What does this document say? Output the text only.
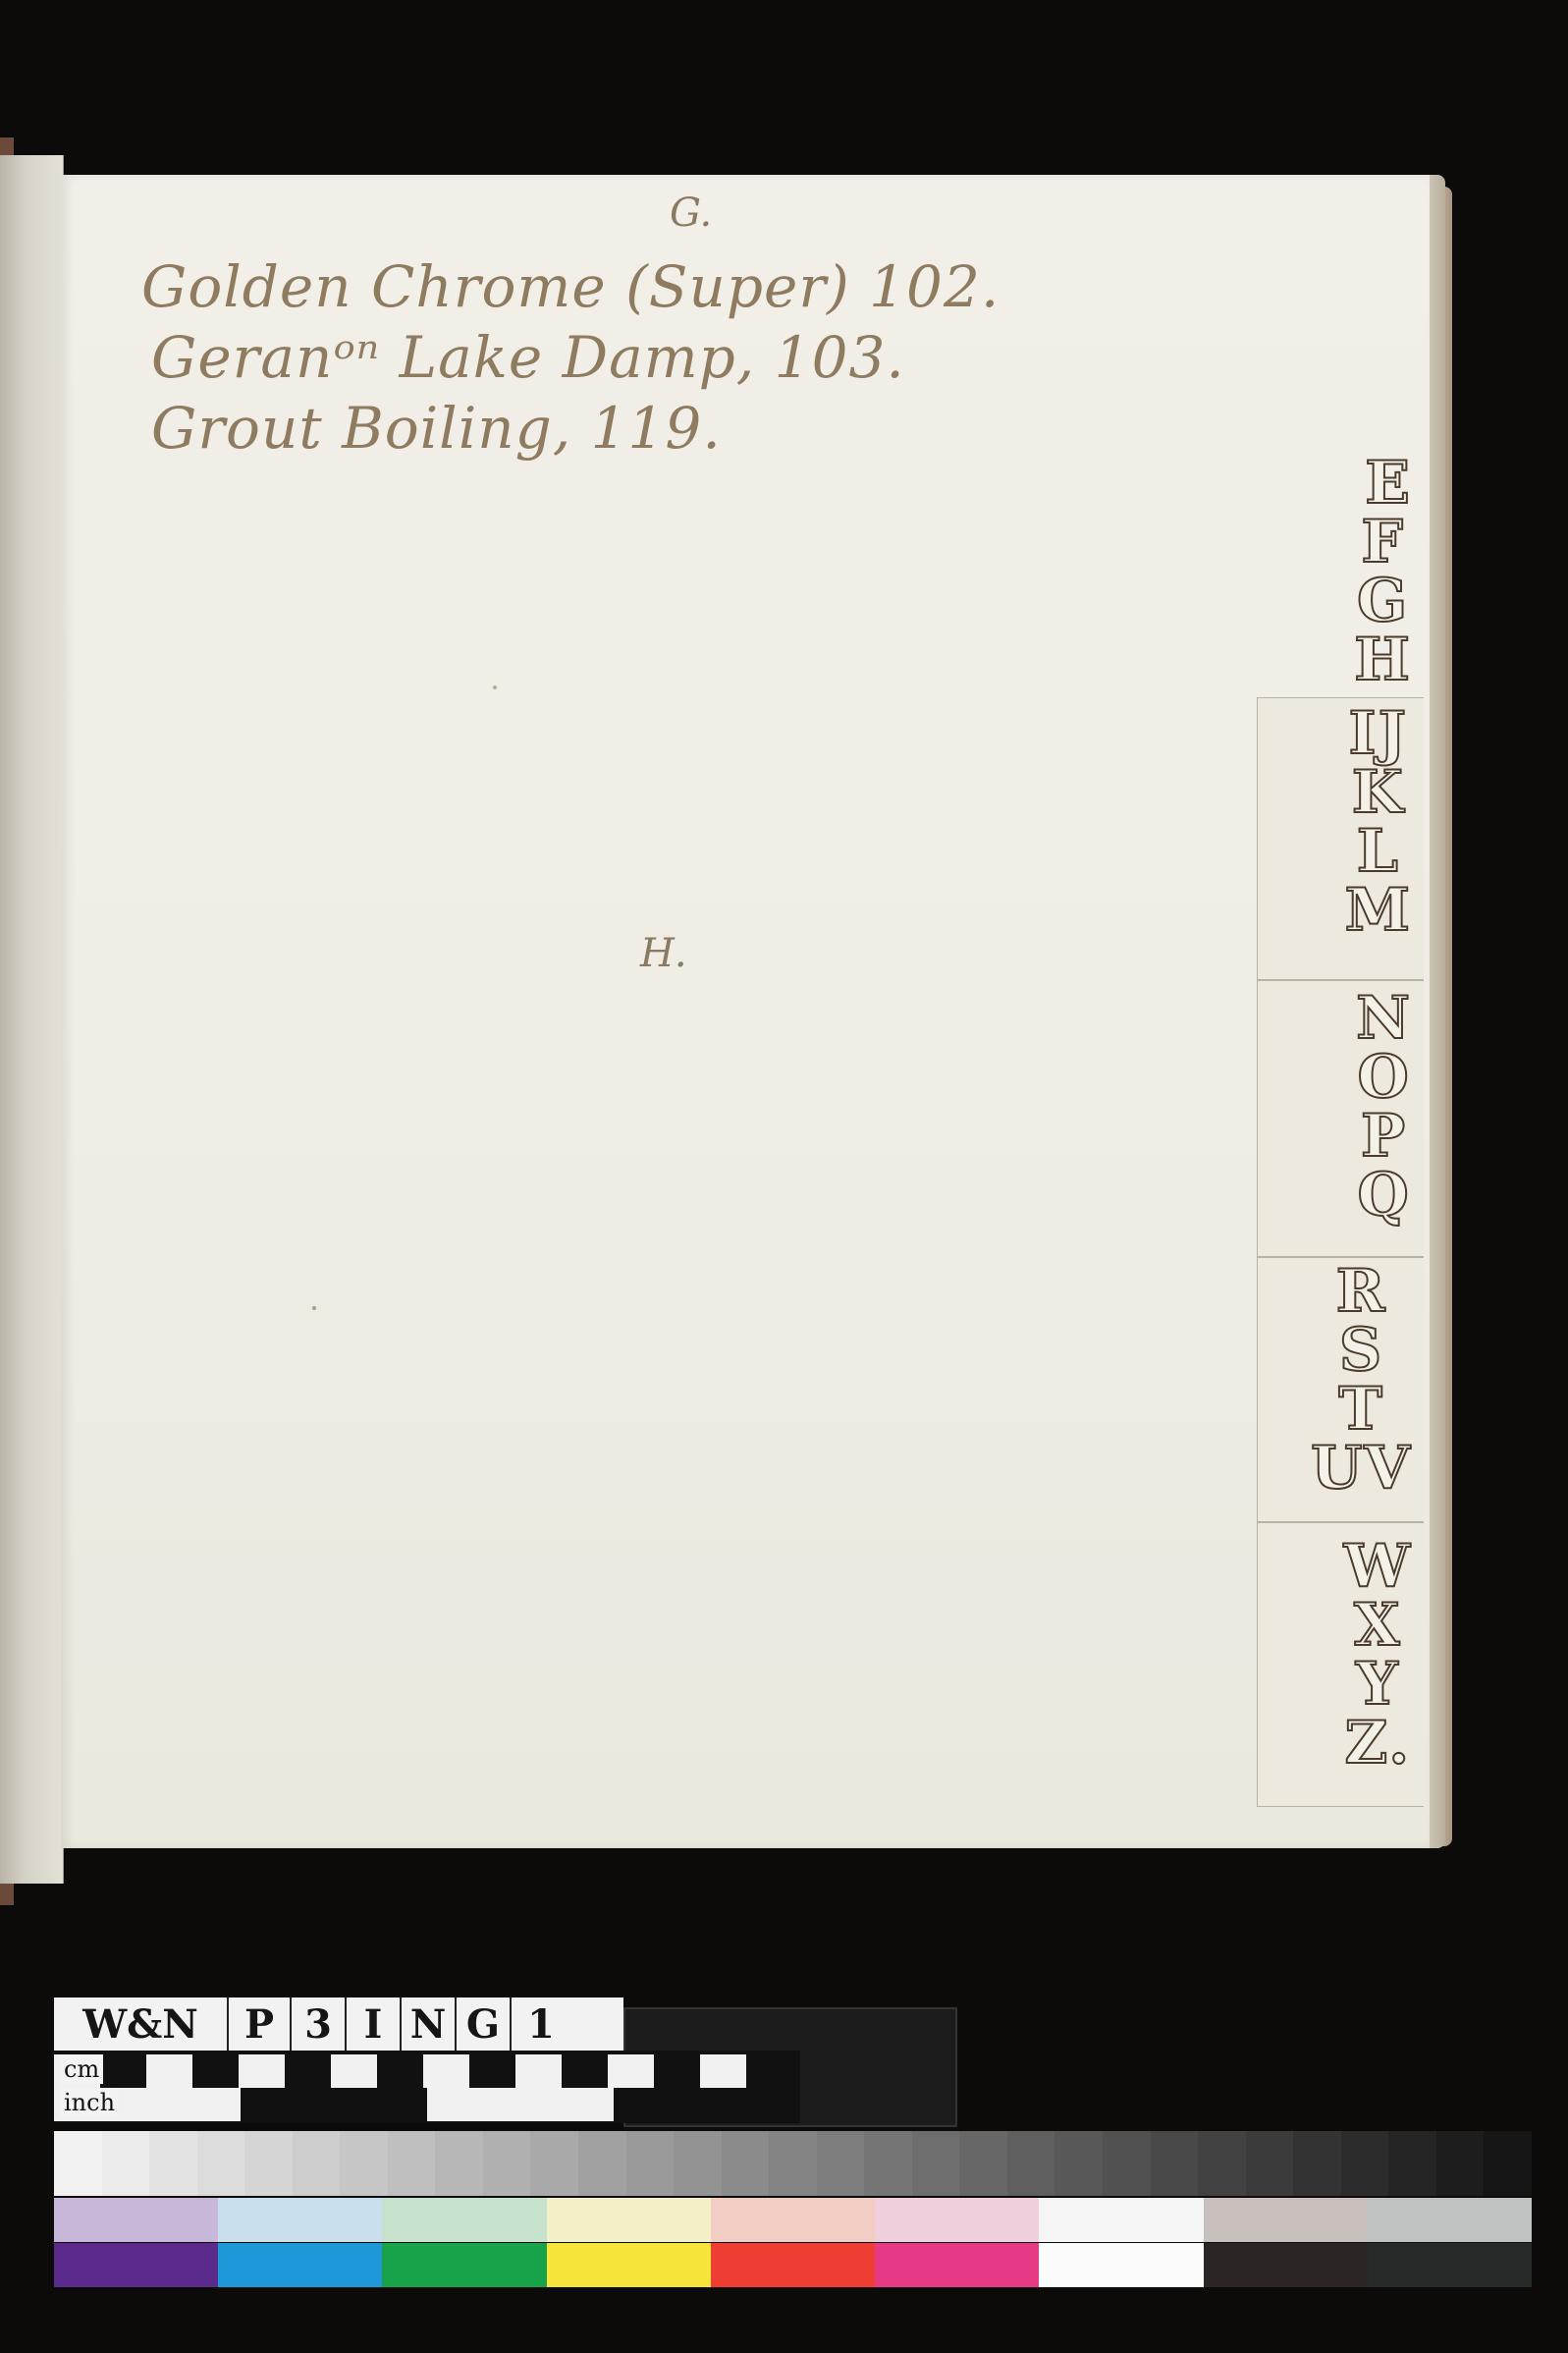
G.
Golden Chrome (Super) 102.
Geranᵒⁿ Lake Damp, 103.
Grout Boiling, 119.
H.
E
F
G
H
IJ
K
L
M
N
O
P
Q
R
S
T
UV
W
X
Y
Z.
W&N	P 3 I N G 1
cm
inch
